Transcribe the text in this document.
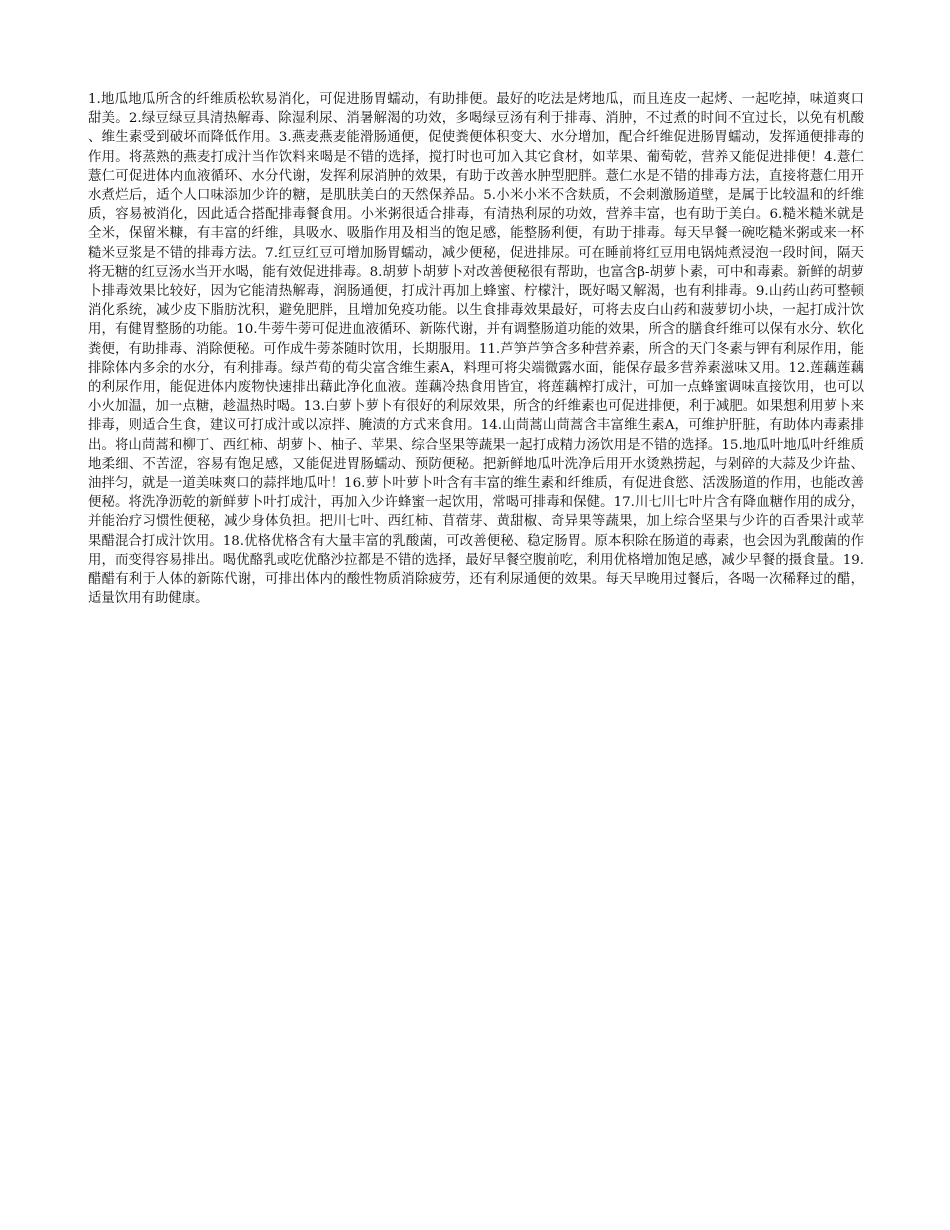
1.地瓜地瓜所含的纤维质松软易消化，可促进肠胃蠕动，有助排便。最好的吃法是烤地瓜，而且连皮一起烤、一起吃掉，味道爽口甜美。2.绿豆绿豆具清热解毒、除湿利尿、消暑解渴的功效，多喝绿豆汤有利于排毒、消肿，不过煮的时间不宜过长，以免有机酸、维生素受到破坏而降低作用。3.燕麦燕麦能滑肠通便，促使粪便体积变大、水分增加，配合纤维促进肠胃蠕动，发挥通便排毒的作用。将蒸熟的燕麦打成汁当作饮料来喝是不错的选择，搅打时也可加入其它食材，如苹果、葡萄乾，营养又能促进排便！4.薏仁薏仁可促进体内血液循环、水分代谢，发挥利尿消肿的效果，有助于改善水肿型肥胖。薏仁水是不错的排毒方法，直接将薏仁用开水煮烂后，适个人口味添加少许的糖，是肌肤美白的天然保养品。5.小米小米不含麸质，不会刺激肠道壁，是属于比较温和的纤维质，容易被消化，因此适合搭配排毒餐食用。小米粥很适合排毒，有清热利尿的功效，营养丰富，也有助于美白。6.糙米糙米就是全米，保留米糠，有丰富的纤维，具吸水、吸脂作用及相当的饱足感，能整肠利便，有助于排毒。每天早餐一碗吃糙米粥或来一杯糙米豆浆是不错的排毒方法。7.红豆红豆可增加肠胃蠕动，减少便秘，促进排尿。可在睡前将红豆用电锅炖煮浸泡一段时间，隔天将无糖的红豆汤水当开水喝，能有效促进排毒。8.胡萝卜胡萝卜对改善便秘很有帮助，也富含β-胡萝卜素，可中和毒素。新鲜的胡萝卜排毒效果比较好，因为它能清热解毒，润肠通便，打成汁再加上蜂蜜、柠檬汁，既好喝又解渴，也有利排毒。9.山药山药可整顿消化系统，减少皮下脂肪沈积，避免肥胖，且增加免疫功能。以生食排毒效果最好，可将去皮白山药和菠萝切小块，一起打成汁饮用，有健胃整肠的功能。10.牛蒡牛蒡可促进血液循环、新陈代谢，并有调整肠道功能的效果，所含的膳食纤维可以保有水分、软化粪便，有助排毒、消除便秘。可作成牛蒡茶随时饮用，长期服用。11.芦笋芦笋含多种营养素，所含的天门冬素与钾有利尿作用，能排除体内多余的水分，有利排毒。绿芦荀的荀尖富含维生素A，料理可将尖端微露水面，能保存最多营养素滋味又用。12.莲藕莲藕的利尿作用，能促进体内废物快速排出藉此净化血液。莲藕冷热食用皆宜，将莲藕榨打成汁，可加一点蜂蜜调味直接饮用，也可以小火加温，加一点糖，趁温热时喝。13.白萝卜萝卜有很好的利尿效果，所含的纤维素也可促进排便，利于减肥。如果想利用萝卜来排毒，则适合生食，建议可打成汁或以凉拌、腌渍的方式来食用。14.山茼蒿山茼蒿含丰富维生素A，可维护肝脏，有助体内毒素排出。将山茼蒿和柳丁、西红柿、胡萝卜、柚子、苹果、综合坚果等蔬果一起打成精力汤饮用是不错的选择。15.地瓜叶地瓜叶纤维质地柔细、不苦涩，容易有饱足感，又能促进胃肠蠕动、预防便秘。把新鲜地瓜叶洗净后用开水烫熟捞起，与剁碎的大蒜及少许盐、油拌匀，就是一道美味爽口的蒜拌地瓜叶！16.萝卜叶萝卜叶含有丰富的维生素和纤维质，有促进食慾、活泼肠道的作用，也能改善便秘。将洗净沥乾的新鲜萝卜叶打成汁，再加入少许蜂蜜一起饮用，常喝可排毒和保健。17.川七川七叶片含有降血糖作用的成分，并能治疗习惯性便秘，减少身体负担。把川七叶、西红柿、苜蓿芽、黄甜椒、奇异果等蔬果，加上综合坚果与少许的百香果汁或苹果醋混合打成汁饮用。18.优格优格含有大量丰富的乳酸菌，可改善便秘、稳定肠胃。原本积除在肠道的毒素，也会因为乳酸菌的作用，而变得容易排出。喝优酪乳或吃优酪沙拉都是不错的选择，最好早餐空腹前吃，利用优格增加饱足感，减少早餐的摄食量。19.醋醋有利于人体的新陈代谢，可排出体内的酸性物质消除疲劳，还有利尿通便的效果。每天早晚用过餐后，各喝一次稀释过的醋，适量饮用有助健康。
